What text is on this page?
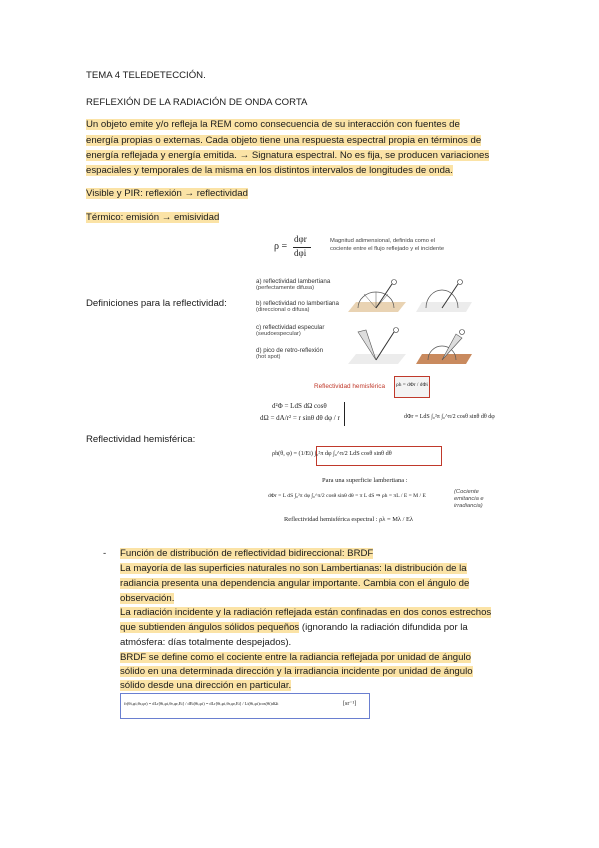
TEMA 4 TELEDETECCIÓN.
REFLEXIÓN DE LA RADIACIÓN DE ONDA CORTA
Un objeto emite y/o refleja la REM como consecuencia de su interacción con fuentes de
energía propias o externas. Cada objeto tiene una respuesta espectral propia en términos de
energía reflejada y energía emitida. → Signatura espectral. No es fija, se producen variaciones
espaciales y temporales de la misma en los distintos intervalos de longitudes de onda.
Visible y PIR: reflexión → reflectividad
Térmico: emisión → emisividad
ρ =
dφr
dφi
Magnitud adimensional, definida como el
cociente entre el flujo reflejado y el incidente
Definiciones para la reflectividad:
a) reflectividad lambertiana
(perfectamente difusa)
b) reflectividad no lambertiana
(direccional o difusa)
c) reflectividad especular
(seudoespecular)
d) pico de retro-reflexión
(hot spot)
Reflectividad hemisférica ρh = dΦr / dΦi
Reflectividad hemisférica:
d²Φ = LdS dΩ cosθ
dΩ = dA/r² = r sinθ dθ dφ / r	dΦr = LdS ∫₀²π ∫₀^π/2 cosθ sinθ dθ dφ
ρh(θ, φ) = (1/Ei) ∫₀²π dφ ∫₀^π/2 LdS cosθ sinθ dθ
Para una superficie lambertiana :
dΦr = L dS ∫₀²π dφ ∫₀^π/2 cosθ sinθ dθ = π L dS ⇒ ρh = πL / E = M / E
(Cociente
emitancia e
irradiancia)
Reflectividad hemisférica espectral : ρλ = Mλ / Eλ
- Función de distribución de reflectividad bidireccional: BRDF
La mayoría de las superficies naturales no son Lambertianas: la distribución de la
radiancia presenta una dependencia angular importante. Cambia con el ángulo de
observación.
La radiación incidente y la radiación reflejada están confinadas en dos conos estrechos
que subtienden ángulos sólidos pequeños (ignorando la radiación difundida por la
atmósfera: días totalmente despejados).
BRDF se define como el cociente entre la radiancia reflejada por unidad de ángulo
sólido en una determinada dirección y la irradiancia incidente por unidad de ángulo
sólido desde una dirección en particular.
fr(θi,φi,θr,φr) = dLr[θi,φi,θr,φr,Ei] / dEi(θi,φi) = dLr[θi,φi,θr,φr,Ei] / Li(θi,φi)cos(θi)dΩi	[sr⁻¹]
